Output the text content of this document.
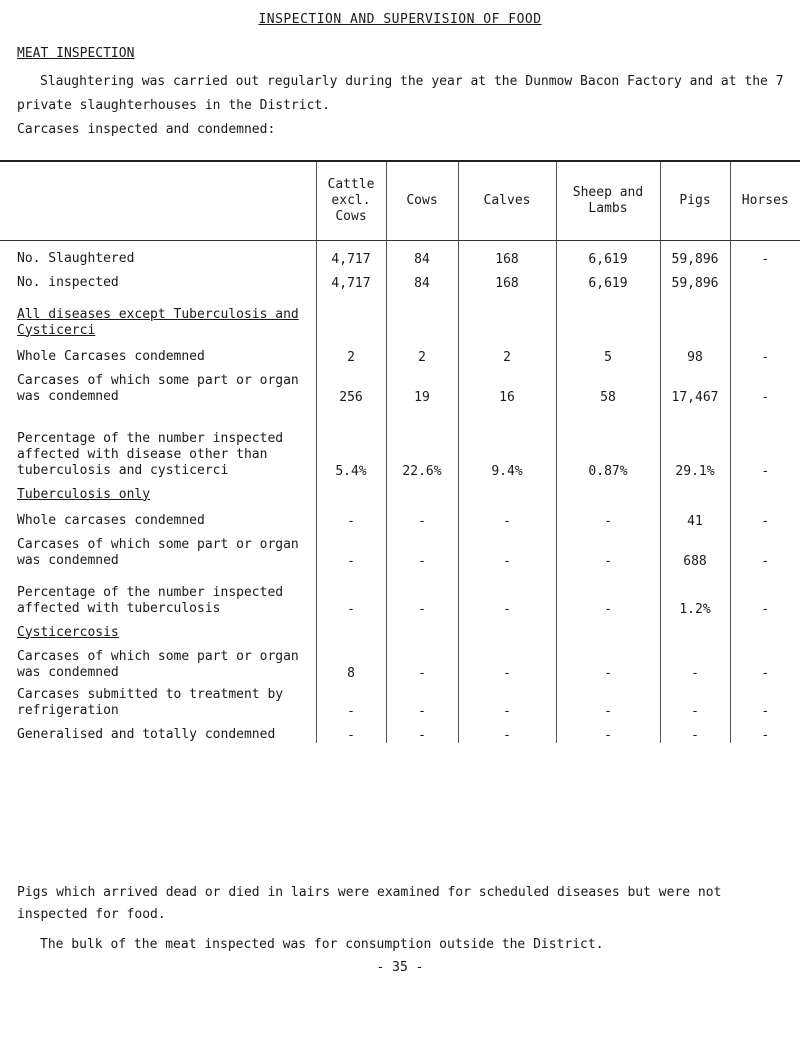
INSPECTION AND SUPERVISION OF FOOD
MEAT INSPECTION
Slaughtering was carried out regularly during the year at the Dunmow Bacon Factory and at the 7 private slaughterhouses in the District.
Carcases inspected and condemned:
	Cattle excl. Cows	Cows	Calves	Sheep and Lambs	Pigs	Horses
No. Slaughtered	4,717	84	168	6,619	59,896	-
No. inspected	4,717	84	168	6,619	59,896	
All diseases except Tuberculosis and Cysticerci						
Whole Carcases condemned	2	2	2	5	98	-
Carcases of which some part or organ was condemned	256	19	16	58	17,467	-
Percentage of the number inspected affected with disease other than tuberculosis and cysticerci	5.4%	22.6%	9.4%	0.87%	29.1%	-
Tuberculosis only						
Whole carcases condemned	-	-	-	-	41	-
Carcases of which some part or organ was condemned	-	-	-	-	688	-
Percentage of the number inspected affected with tuberculosis	-	-	-	-	1.2%	-
Cysticercosis						
Carcases of which some part or organ was condemned	8	-	-	-	-	-
Carcases submitted to treatment by refrigeration	-	-	-	-	-	-
Generalised and totally condemned	-	-	-	-	-	-
Pigs which arrived dead or died in lairs were examined for scheduled diseases but were not inspected for food.
The bulk of the meat inspected was for consumption outside the District.
- 35 -
